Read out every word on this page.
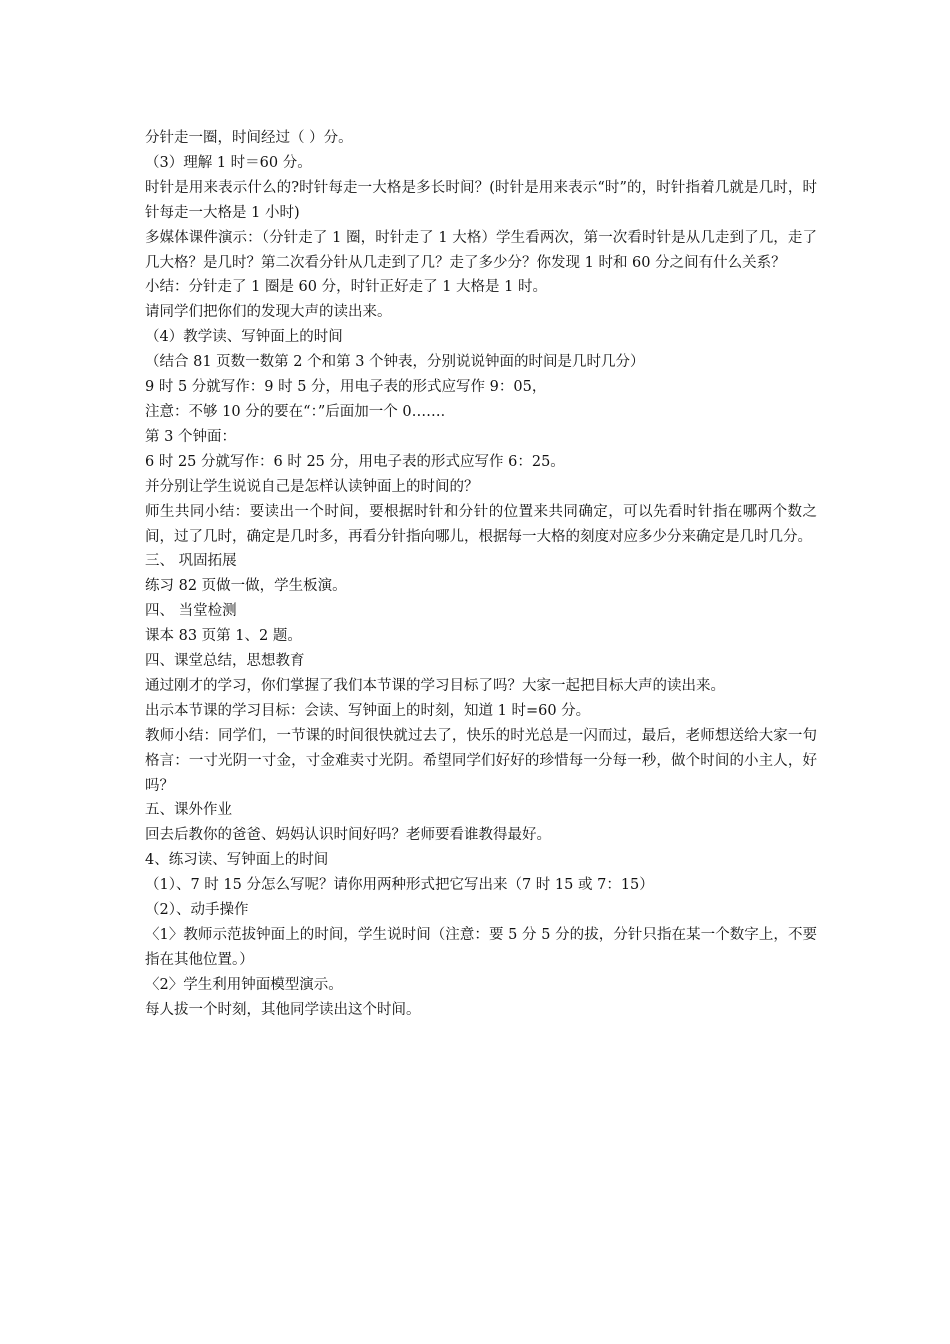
分针走一圈，时间经过（ ）分。

（3）理解 1 时＝60 分。

时针是用来表示什么的?时针每走一大格是多长时间？(时针是用来表示“时”的，时针指着几就是几时，时针每走一大格是 1 小时)

多媒体课件演示：（分针走了 1 圈，时针走了 1 大格）学生看两次，第一次看时针是从几走到了几，走了几大格？是几时？第二次看分针从几走到了几？走了多少分？你发现 1 时和 60 分之间有什么关系？

小结：分针走了 1 圈是 60 分，时针正好走了 1 大格是 1 时。

请同学们把你们的发现大声的读出来。

（4）教学读、写钟面上的时间

（结合 81 页数一数第 2 个和第 3 个钟表，分别说说钟面的时间是几时几分）

9 时 5 分就写作：9 时 5 分，用电子表的形式应写作 9：05，

注意：不够 10 分的要在“：”后面加一个 0……．

第 3 个钟面：

6 时 25 分就写作：6 时 25 分，用电子表的形式应写作 6：25。

并分别让学生说说自己是怎样认读钟面上的时间的？

师生共同小结：要读出一个时间，要根据时针和分针的位置来共同确定，可以先看时针指在哪两个数之间，过了几时，确定是几时多，再看分针指向哪儿，根据每一大格的刻度对应多少分来确定是几时几分。

三、 巩固拓展

练习 82 页做一做，学生板演。

四、 当堂检测

课本 83 页第 1、2 题。

四、课堂总结，思想教育

通过刚才的学习，你们掌握了我们本节课的学习目标了吗？大家一起把目标大声的读出来。

出示本节课的学习目标：会读、写钟面上的时刻，知道 1 时=60 分。

教师小结：同学们，一节课的时间很快就过去了，快乐的时光总是一闪而过，最后，老师想送给大家一句格言：一寸光阴一寸金，寸金难卖寸光阴。希望同学们好好的珍惜每一分每一秒，做个时间的小主人，好吗？

五、课外作业

回去后教你的爸爸、妈妈认识时间好吗？老师要看谁教得最好。

4、练习读、写钟面上的时间

（1）、7 时 15 分怎么写呢？请你用两种形式把它写出来（7 时 15 或 7：15）

（2）、动手操作

〈1〉教师示范拔钟面上的时间，学生说时间（注意：要 5 分 5 分的拔，分针只指在某一个数字上，不要指在其他位置。）

〈2〉学生利用钟面模型演示。

每人拔一个时刻，其他同学读出这个时间。
